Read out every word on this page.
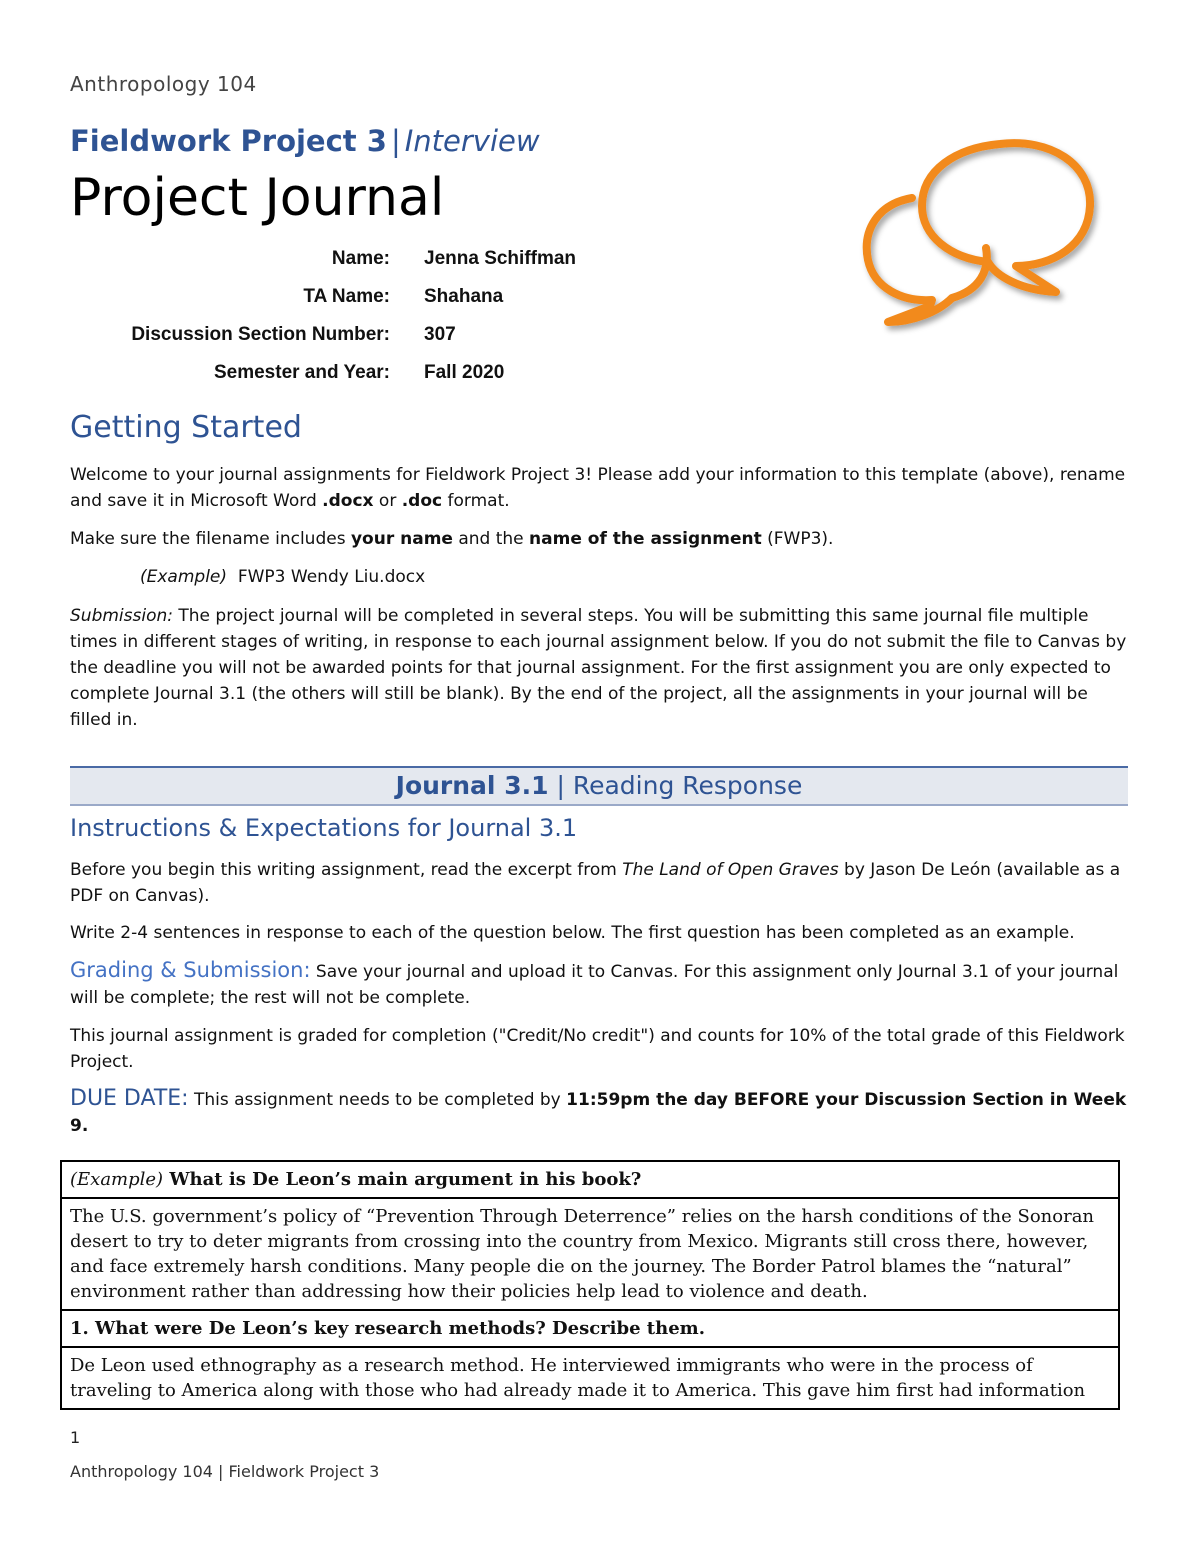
Anthropology 104
Fieldwork Project 3 | Interview
Project Journal
Name: Jenna Schiffman
TA Name: Shahana
Discussion Section Number: 307
Semester and Year: Fall 2020
Getting Started
Welcome to your journal assignments for Fieldwork Project 3! Please add your information to this template (above), rename and save it in Microsoft Word .docx or .doc format.
Make sure the filename includes your name and the name of the assignment (FWP3).
(Example) FWP3 Wendy Liu.docx
Submission: The project journal will be completed in several steps. You will be submitting this same journal file multiple times in different stages of writing, in response to each journal assignment below. If you do not submit the file to Canvas by the deadline you will not be awarded points for that journal assignment. For the first assignment you are only expected to complete Journal 3.1 (the others will still be blank). By the end of the project, all the assignments in your journal will be filled in.
Journal 3.1 | Reading Response
Instructions & Expectations for Journal 3.1
Before you begin this writing assignment, read the excerpt from The Land of Open Graves by Jason De León (available as a PDF on Canvas).
Write 2-4 sentences in response to each of the question below. The first question has been completed as an example.
Grading & Submission: Save your journal and upload it to Canvas. For this assignment only Journal 3.1 of your journal will be complete; the rest will not be complete.
This journal assignment is graded for completion ("Credit/No credit") and counts for 10% of the total grade of this Fieldwork Project.
DUE DATE: This assignment needs to be completed by 11:59pm the day BEFORE your Discussion Section in Week 9.
(Example) What is De Leon’s main argument in his book?
The U.S. government’s policy of “Prevention Through Deterrence” relies on the harsh conditions of the Sonoran desert to try to deter migrants from crossing into the country from Mexico. Migrants still cross there, however, and face extremely harsh conditions. Many people die on the journey. The Border Patrol blames the “natural” environment rather than addressing how their policies help lead to violence and death.
1. What were De Leon’s key research methods? Describe them.
De Leon used ethnography as a research method. He interviewed immigrants who were in the process of traveling to America along with those who had already made it to America. This gave him first had information
1
Anthropology 104 | Fieldwork Project 3
